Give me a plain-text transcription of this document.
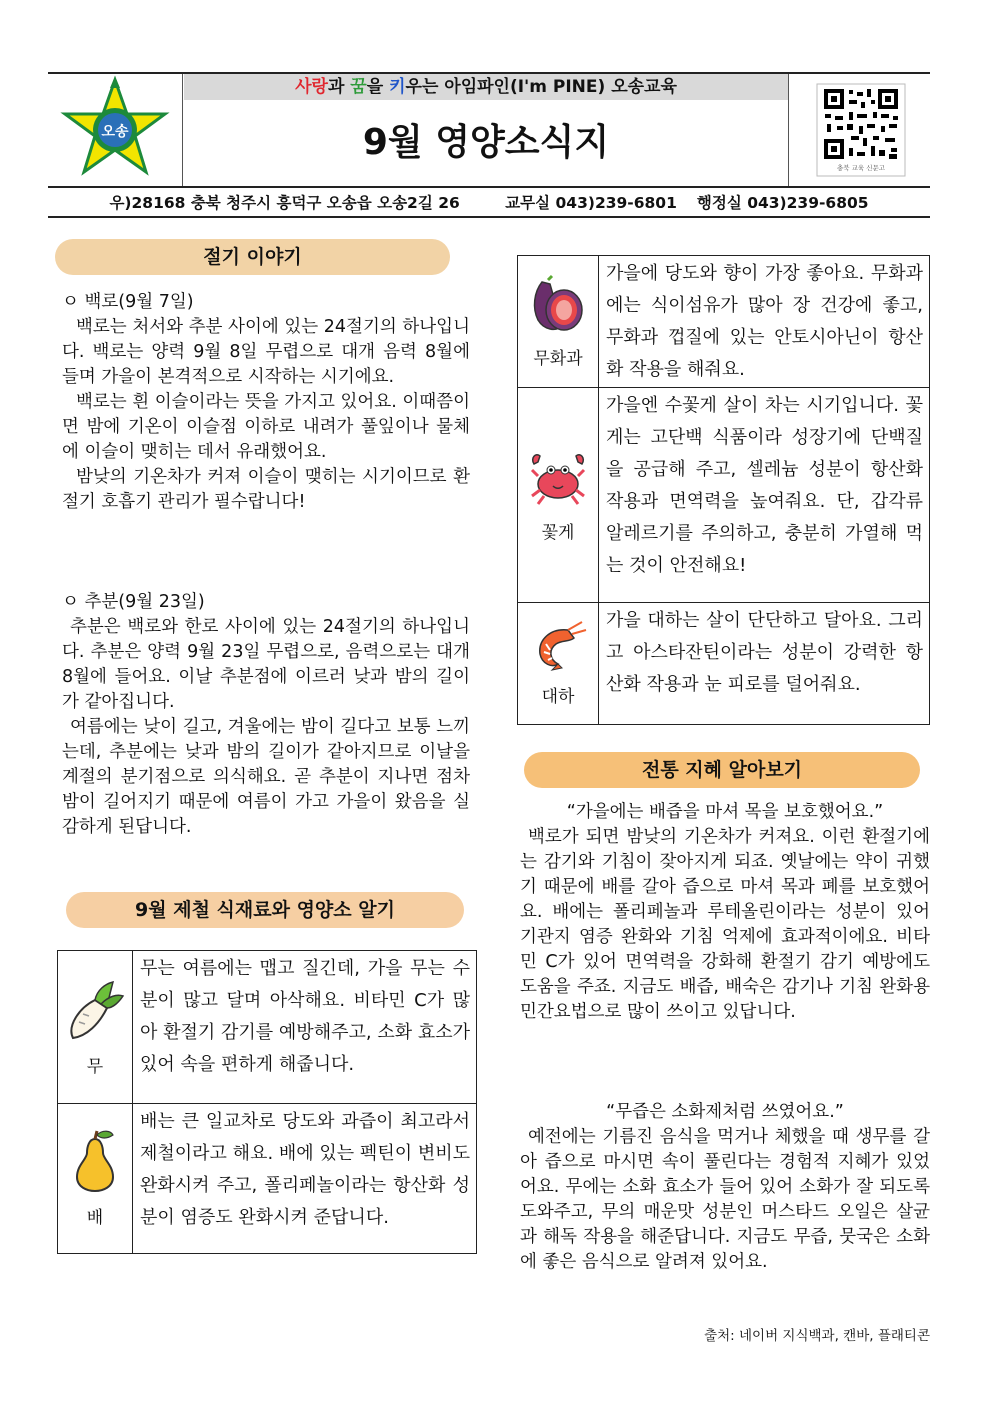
오송
사랑과 꿈을 키우는 아임파인(I'm PINE) 오송교육
9월 영양소식지
충북 교육 신문고
우)28168 충북 청주시 흥덕구 오송읍 오송2길 26	교무실 043)239-6801 행정실 043)239-6805
절기 이야기
ㅇ 백로(9월 7일)
백로는 처서와 추분 사이에 있는 24절기의 하나입니다. 백로는 양력 9월 8일 무렵으로 대개 음력 8월에 들며 가을이 본격적으로 시작하는 시기에요.
백로는 흰 이슬이라는 뜻을 가지고 있어요. 이때쯤이면 밤에 기온이 이슬점 이하로 내려가 풀잎이나 물체에 이슬이 맺히는 데서 유래했어요.
밤낮의 기온차가 커져 이슬이 맺히는 시기이므로 환절기 호흡기 관리가 필수랍니다!
ㅇ 추분(9월 23일)
추분은 백로와 한로 사이에 있는 24절기의 하나입니다. 추분은 양력 9월 23일 무렵으로, 음력으로는 대개 8월에 들어요. 이날 추분점에 이르러 낮과 밤의 길이가 같아집니다.
여름에는 낮이 길고, 겨울에는 밤이 길다고 보통 느끼는데, 추분에는 낮과 밤의 길이가 같아지므로 이날을 계절의 분기점으로 의식해요. 곧 추분이 지나면 점차 밤이 길어지기 때문에 여름이 가고 가을이 왔음을 실감하게 된답니다.
9월 제철 식재료와 영양소 알기
무	무는 여름에는 맵고 질긴데, 가을 무는 수분이 많고 달며 아삭해요. 비타민 C가 많아 환절기 감기를 예방해주고, 소화 효소가 있어 속을 편하게 해줍니다.

배	배는 큰 일교차로 당도와 과즙이 최고라서 제철이라고 해요. 배에 있는 펙틴이 변비도 완화시켜 주고, 폴리페놀이라는 항산화 성분이 염증도 완화시켜 준답니다.
무화과	가을에 당도와 향이 가장 좋아요. 무화과에는 식이섬유가 많아 장 건강에 좋고, 무화과 껍질에 있는 안토시아닌이 항산화 작용을 해줘요.

꽃게	가을엔 수꽃게 살이 차는 시기입니다. 꽃게는 고단백 식품이라 성장기에 단백질을 공급해 주고, 셀레늄 성분이 항산화 작용과 면역력을 높여줘요. 단, 갑각류 알레르기를 주의하고, 충분히 가열해 먹는 것이 안전해요!

대하	가을 대하는 살이 단단하고 달아요. 그리고 아스타잔틴이라는 성분이 강력한 항산화 작용과 눈 피로를 덜어줘요.
전통 지혜 알아보기
“가을에는 배즙을 마셔 목을 보호했어요.”
백로가 되면 밤낮의 기온차가 커져요. 이런 환절기에는 감기와 기침이 잦아지게 되죠. 옛날에는 약이 귀했기 때문에 배를 갈아 즙으로 마셔 목과 폐를 보호했어요. 배에는 폴리페놀과 루테올린이라는 성분이 있어 기관지 염증 완화와 기침 억제에 효과적이에요. 비타민 C가 있어 면역력을 강화해 환절기 감기 예방에도 도움을 주죠. 지금도 배즙, 배숙은 감기나 기침 완화용 민간요법으로 많이 쓰이고 있답니다.
“무즙은 소화제처럼 쓰였어요.”
예전에는 기름진 음식을 먹거나 체했을 때 생무를 갈아 즙으로 마시면 속이 풀린다는 경험적 지혜가 있었어요. 무에는 소화 효소가 들어 있어 소화가 잘 되도록 도와주고, 무의 매운맛 성분인 머스타드 오일은 살균과 해독 작용을 해준답니다. 지금도 무즙, 뭇국은 소화에 좋은 음식으로 알려져 있어요.
출처: 네이버 지식백과, 캔바, 플래티콘
